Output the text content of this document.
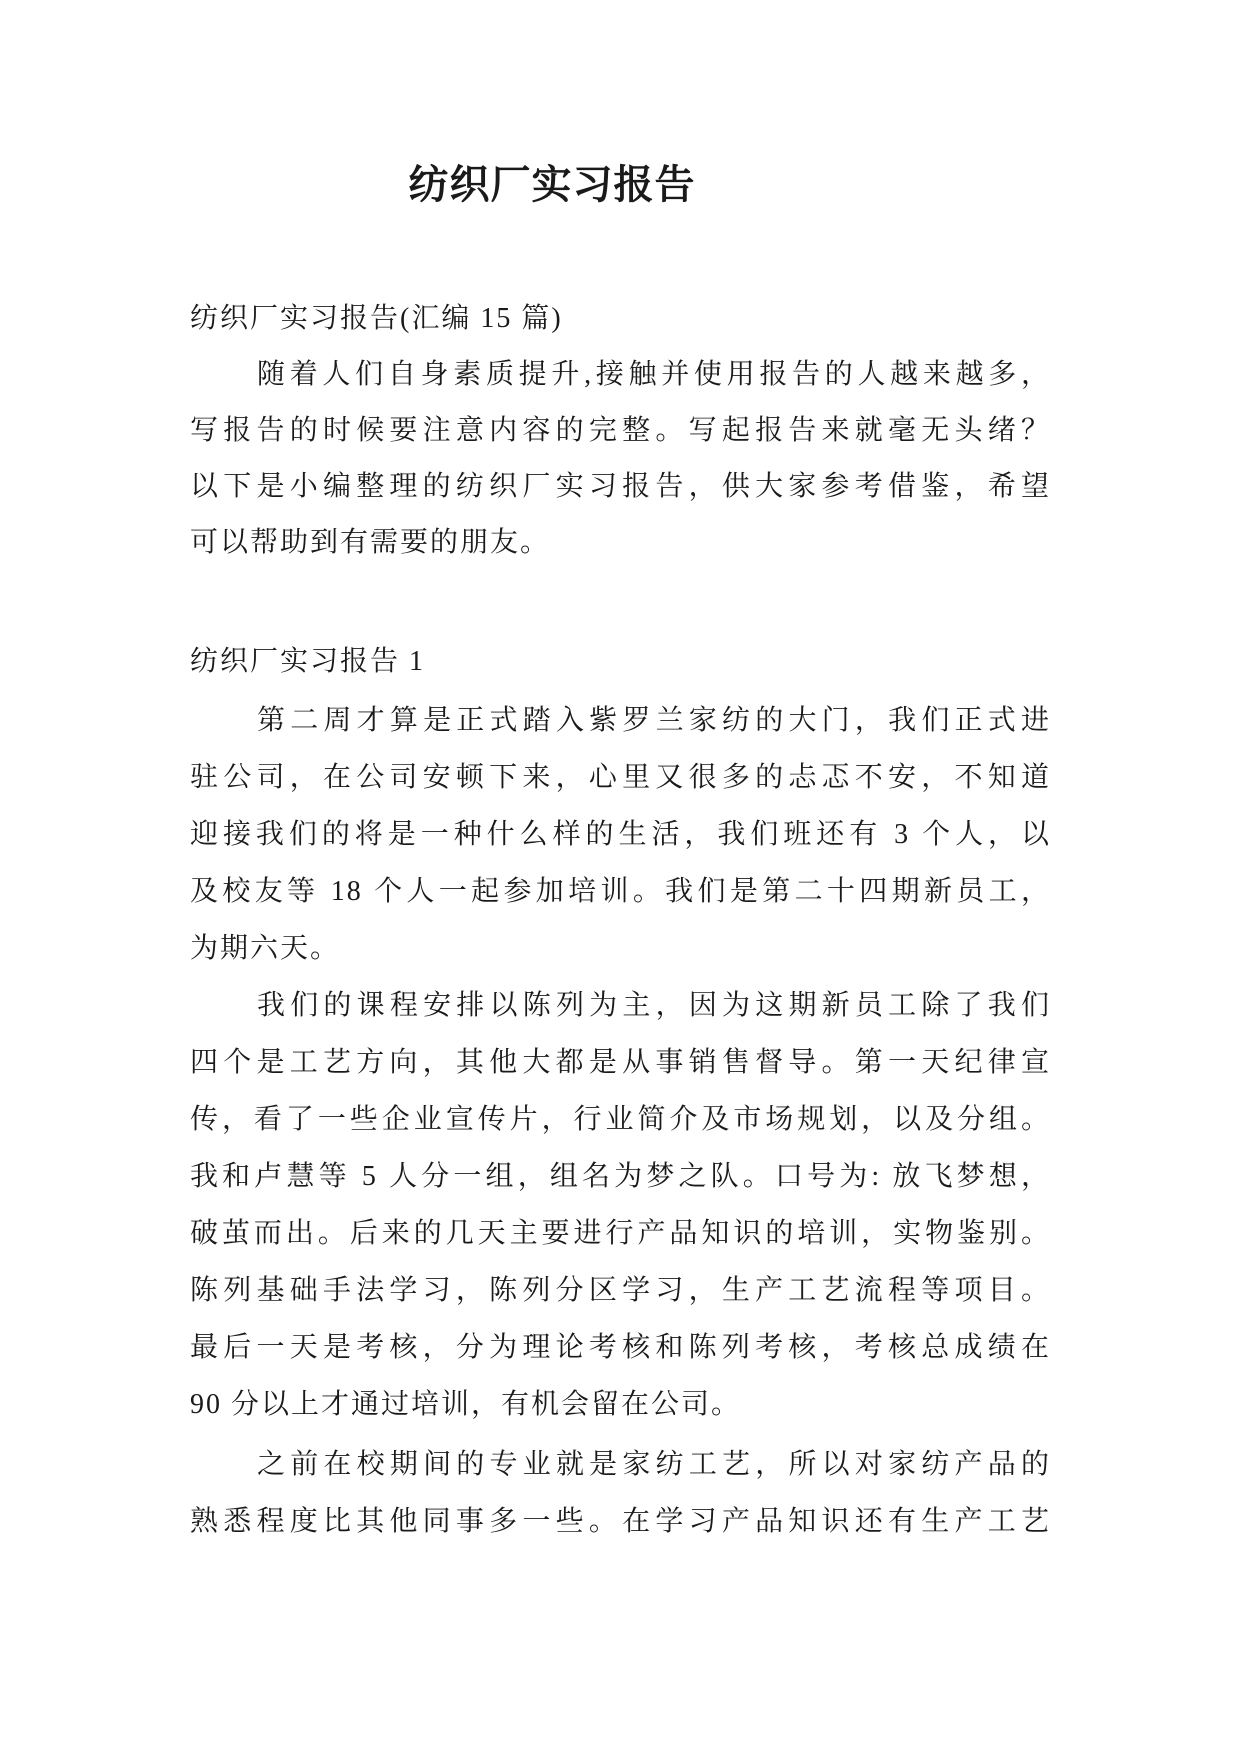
纺织厂实习报告
纺织厂实习报告(汇编 15 篇)
随着人们自身素质提升,接触并使用报告的人越来越多，
写报告的时候要注意内容的完整。写起报告来就毫无头绪？
以下是小编整理的纺织厂实习报告，供大家参考借鉴，希望
可以帮助到有需要的朋友。
纺织厂实习报告 1
第二周才算是正式踏入紫罗兰家纺的大门，我们正式进
驻公司，在公司安顿下来，心里又很多的忐忑不安，不知道
迎接我们的将是一种什么样的生活，我们班还有 3 个人，以
及校友等 18 个人一起参加培训。我们是第二十四期新员工，
为期六天。
我们的课程安排以陈列为主，因为这期新员工除了我们
四个是工艺方向，其他大都是从事销售督导。第一天纪律宣
传，看了一些企业宣传片，行业简介及市场规划，以及分组。
我和卢慧等 5 人分一组，组名为梦之队。口号为: 放飞梦想，
破茧而出。后来的几天主要进行产品知识的培训，实物鉴别。
陈列基础手法学习，陈列分区学习，生产工艺流程等项目。
最后一天是考核，分为理论考核和陈列考核，考核总成绩在
90 分以上才通过培训，有机会留在公司。
之前在校期间的专业就是家纺工艺，所以对家纺产品的
熟悉程度比其他同事多一些。在学习产品知识还有生产工艺
